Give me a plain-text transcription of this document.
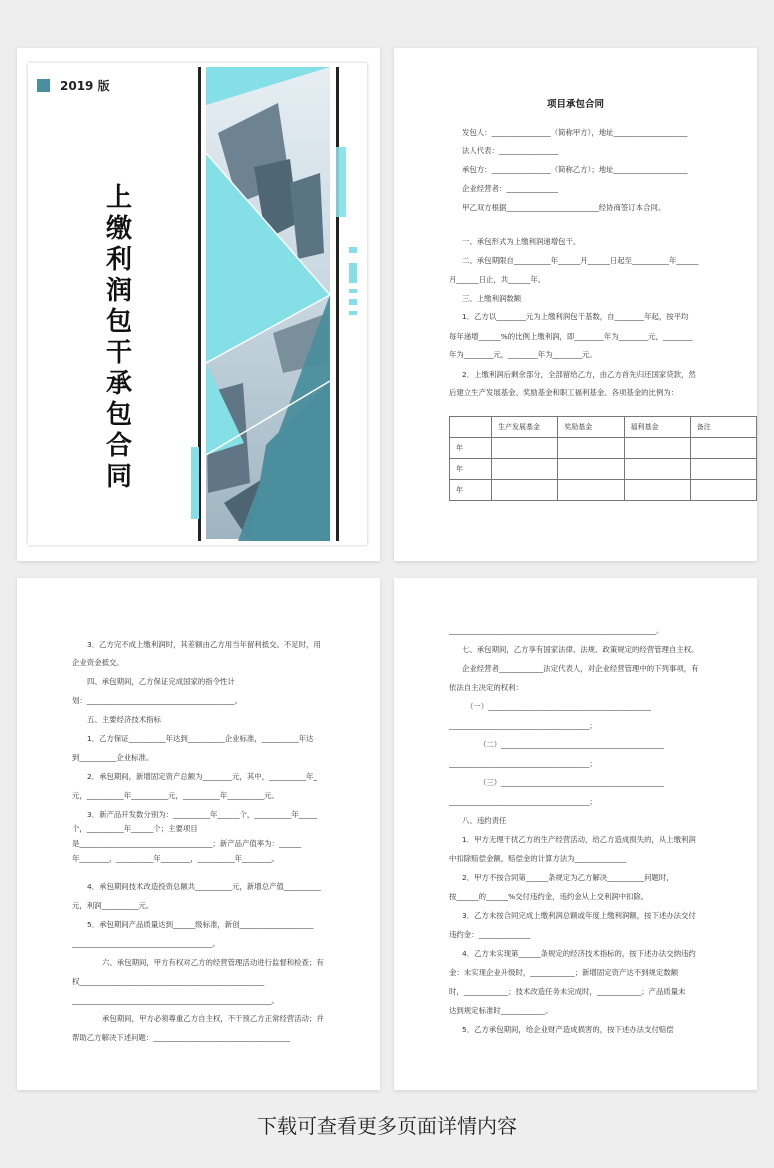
2019 版
上缴利润包干承包合同
项目承包合同
发包人：________________（简称甲方），地址____________________
法人代表：________________
承包方：________________（简称乙方）；地址____________________
企业经营者：______________
甲乙双方根据_________________________经协商签订本合同。
一、承包形式为上缴利润递增包干。
二、承包期限自__________年______月______日起至__________年______
月______日止，共______年。
三、上缴利润数额
1．乙方以________元为上缴利润包干基数，自________年起，按平均
每年递增______%的比例上缴利润，即________年为________元，________
年为________元，________年为________元。
2．上缴利润后剩余部分，全部留给乙方，由乙方首先归还国家贷款，然
后建立生产发展基金、奖励基金和职工福利基金。各项基金的比例为：
	生产发展基金	奖励基金	福利基金	备注
年				
年				
年				
3．乙方完不成上缴利润时，其差额由乙方用当年留利抵交。不足时，用
企业资金抵交。
四、承包期间，乙方保证完成国家的指令性计
划：________________________________________。
五、主要经济技术指标
1．乙方保证__________年达到__________企业标准，__________年达
到__________企业标准。
2．承包期间，新增固定资产总额为________元，其中，__________年_
元，__________年__________元，__________年__________元。
3．新产品开发数分别为：__________年______个，__________年_____
个，__________年______个；主要项目
是____________________________________；新产品产值率为：______
年________，__________年________，__________年________。
4．承包期间技术改造投资总额共__________元，新增总产值__________
元，利润__________元。
5．承包期间产品质量达到______级标准，新创____________________
______________________________________。
六、承包期间，甲方有权对乙方的经营管理活动进行监督和检查；有
权__________________________________________________
______________________________________________________。
承包期间，甲方必须尊重乙方自主权，不干预乙方正常经营活动；并
帮助乙方解决下述问题：_____________________________________
________________________________________________________。
七、承包期间，乙方享有国家法律、法规、政策规定的经营管理自主权。
企业经营者____________法定代表人，对企业经营管理中的下列事项，有
依法自主决定的权利：
（一）____________________________________________
______________________________________；
（二）____________________________________________
______________________________________；
（三）____________________________________________
______________________________________；
八、违约责任
1．甲方无理干扰乙方的生产经营活动，给乙方造成损失的，从上缴利润
中扣除赔偿金额，赔偿金的计算方法为______________
2．甲方不按合同第______条规定为乙方解决__________问题时，
按______的______%交付违约金，违约金从上交利润中扣除。
3．乙方未按合同完成上缴利润总额或年度上缴利润额，按下述办法交付
违约金：______________
4．乙方未实现第______条规定的经济技术指标的，按下述办法交纳违约
金：未实现企业升级时，____________；新增固定资产达不到规定数额
时，____________；技术改造任务未完成时，____________；产品质量未
达到规定标准时____________。
5．乙方承包期间，给企业财产造成损害的，按下述办法支付赔偿
下载可查看更多页面详情内容
